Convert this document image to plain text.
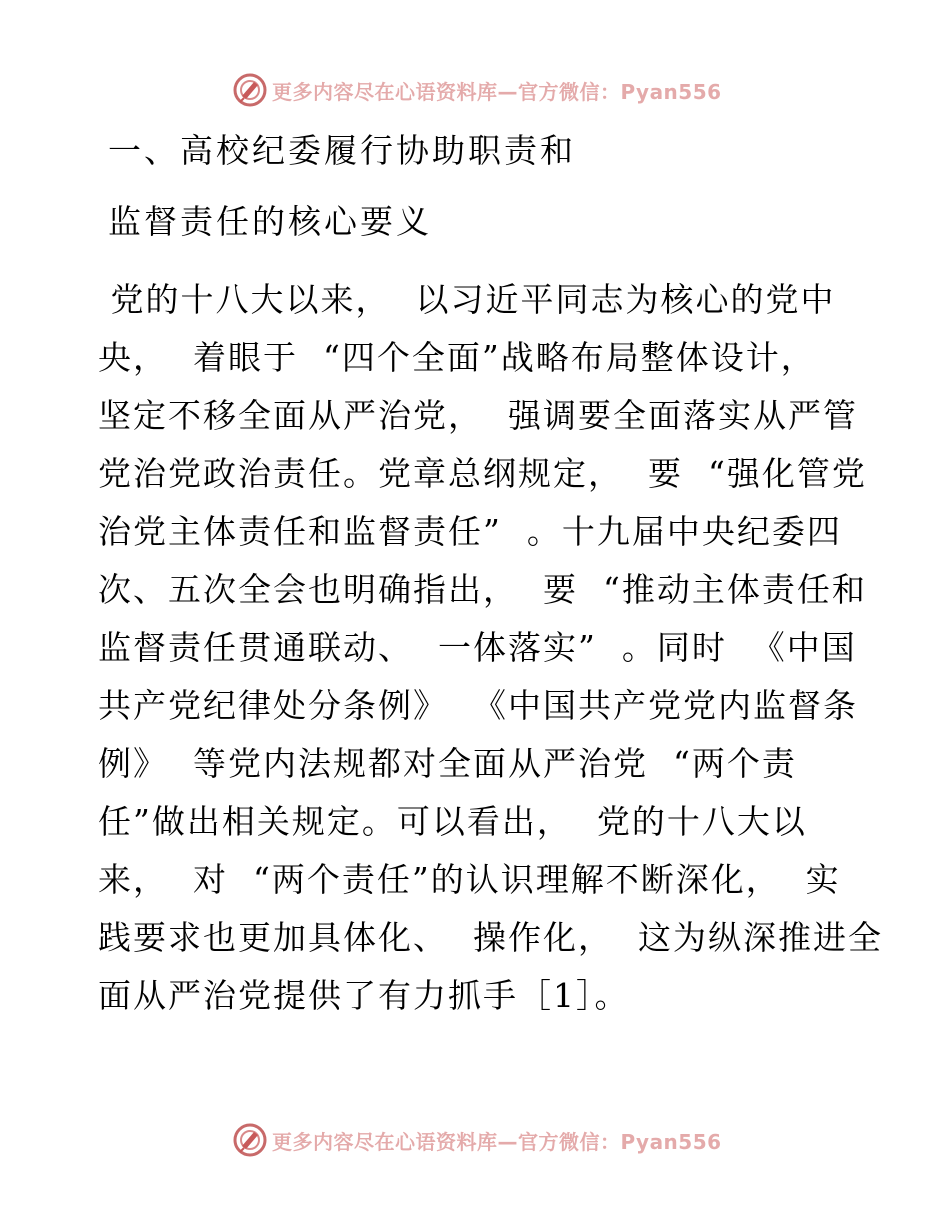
更多内容尽在心语资料库—官方微信：Pyan556
一、高校纪委履行协助职责和
监督责任的核心要义
党的十八大以来，  以习近平同志为核心的党中
央，  着眼于  “四个全面”战略布局整体设计，
坚定不移全面从严治党，  强调要全面落实从严管
党治党政治责任。党章总纲规定，  要  “强化管党
治党主体责任和监督责任”  。十九届中央纪委四
次、五次全会也明确指出，  要  “推动主体责任和
监督责任贯通联动、  一体落实”  。同时  《中国
共产党纪律处分条例》  《中国共产党党内监督条
例》  等党内法规都对全面从严治党  “两个责
任”做出相关规定。可以看出，  党的十八大以
来，  对  “两个责任”的认识理解不断深化，  实
践要求也更加具体化、  操作化，  这为纵深推进全
面从严治党提供了有力抓手［1］。
更多内容尽在心语资料库—官方微信：Pyan556
